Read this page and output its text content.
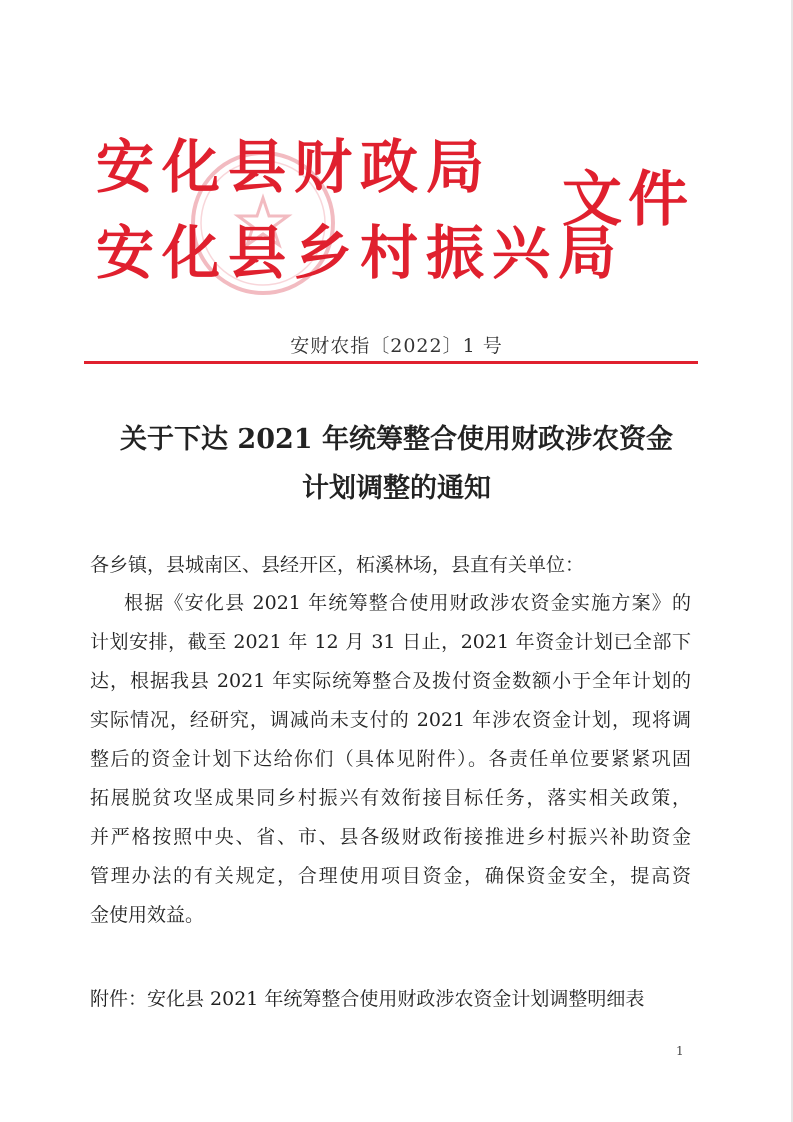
安化县财政局
安化县乡村振兴局
文件
安财农指〔2022〕1 号
关于下达 2021 年统筹整合使用财政涉农资金
计划调整的通知
各乡镇，县城南区、县经开区，柘溪林场，县直有关单位：
根据《安化县 2021 年统筹整合使用财政涉农资金实施方案》的
计划安排，截至 2021 年 12 月 31 日止，2021 年资金计划已全部下
达，根据我县 2021 年实际统筹整合及拨付资金数额小于全年计划的
实际情况，经研究，调减尚未支付的 2021 年涉农资金计划，现将调
整后的资金计划下达给你们（具体见附件）。各责任单位要紧紧巩固
拓展脱贫攻坚成果同乡村振兴有效衔接目标任务，落实相关政策，
并严格按照中央、省、市、县各级财政衔接推进乡村振兴补助资金
管理办法的有关规定，合理使用项目资金，确保资金安全，提高资
金使用效益。
附件：安化县 2021 年统筹整合使用财政涉农资金计划调整明细表
1
